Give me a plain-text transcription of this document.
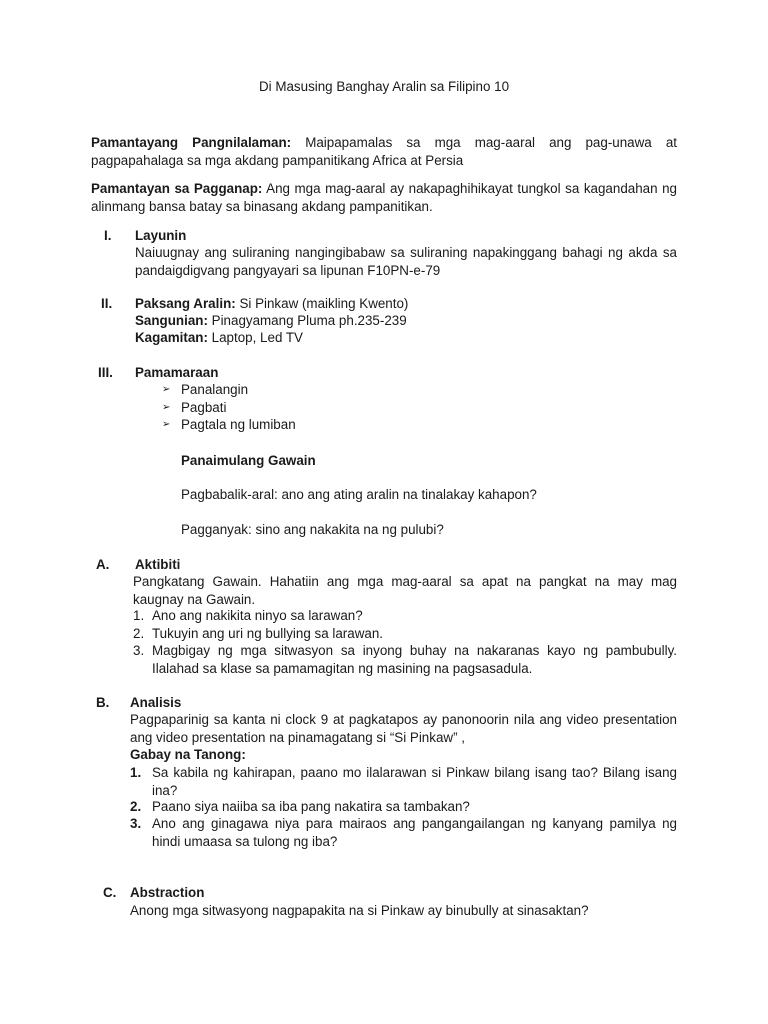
Di Masusing Banghay Aralin sa Filipino 10
Pamantayang Pangnilalaman: Maipapamalas sa mga mag-aaral ang pag-unawa at pagpapahalaga sa mga akdang pampanitikang Africa at Persia
Pamantayan sa Pagganap: Ang mga mag-aaral ay nakapaghihikayat tungkol sa kagandahan ng alinmang bansa batay sa binasang akdang pampanitikan.
I. Layunin
Naiuugnay ang suliraning nangingibabaw sa suliraning napakinggang bahagi ng akda sa pandaigdigvang pangyayari sa lipunan F10PN-e-79
II. Paksang Aralin: Si Pinkaw (maikling Kwento)
Sangunian: Pinagyamang Pluma ph.235-239
Kagamitan: Laptop, Led TV
III. Pamamaraan
➢ Panalangin
➢ Pagbati
➢ Pagtala ng lumiban
Panaimulang Gawain
Pagbabalik-aral: ano ang ating aralin na tinalakay kahapon?
Pagganyak: sino ang nakakita na ng pulubi?
A. Aktibiti
Pangkatang Gawain. Hahatiin ang mga mag-aaral sa apat na pangkat na may mag kaugnay na Gawain.
1. Ano ang nakikita ninyo sa larawan?
2. Tukuyin ang uri ng bullying sa larawan.
3. Magbigay ng mga sitwasyon sa inyong buhay na nakaranas kayo ng pambubully. Ilalahad sa klase sa pamamagitan ng masining na pagsasadula.
B. Analisis
Pagpaparinig sa kanta ni clock 9 at pagkatapos ay panonoorin nila ang video presentation ang video presentation na pinamagatang si “Si Pinkaw” ,
Gabay na Tanong:
1. Sa kabila ng kahirapan, paano mo ilalarawan si Pinkaw bilang isang tao? Bilang isang ina?
2. Paano siya naiiba sa iba pang nakatira sa tambakan?
3. Ano ang ginagawa niya para mairaos ang pangangailangan ng kanyang pamilya ng hindi umaasa sa tulong ng iba?
C. Abstraction
Anong mga sitwasyong nagpapakita na si Pinkaw ay binubully at sinasaktan?
